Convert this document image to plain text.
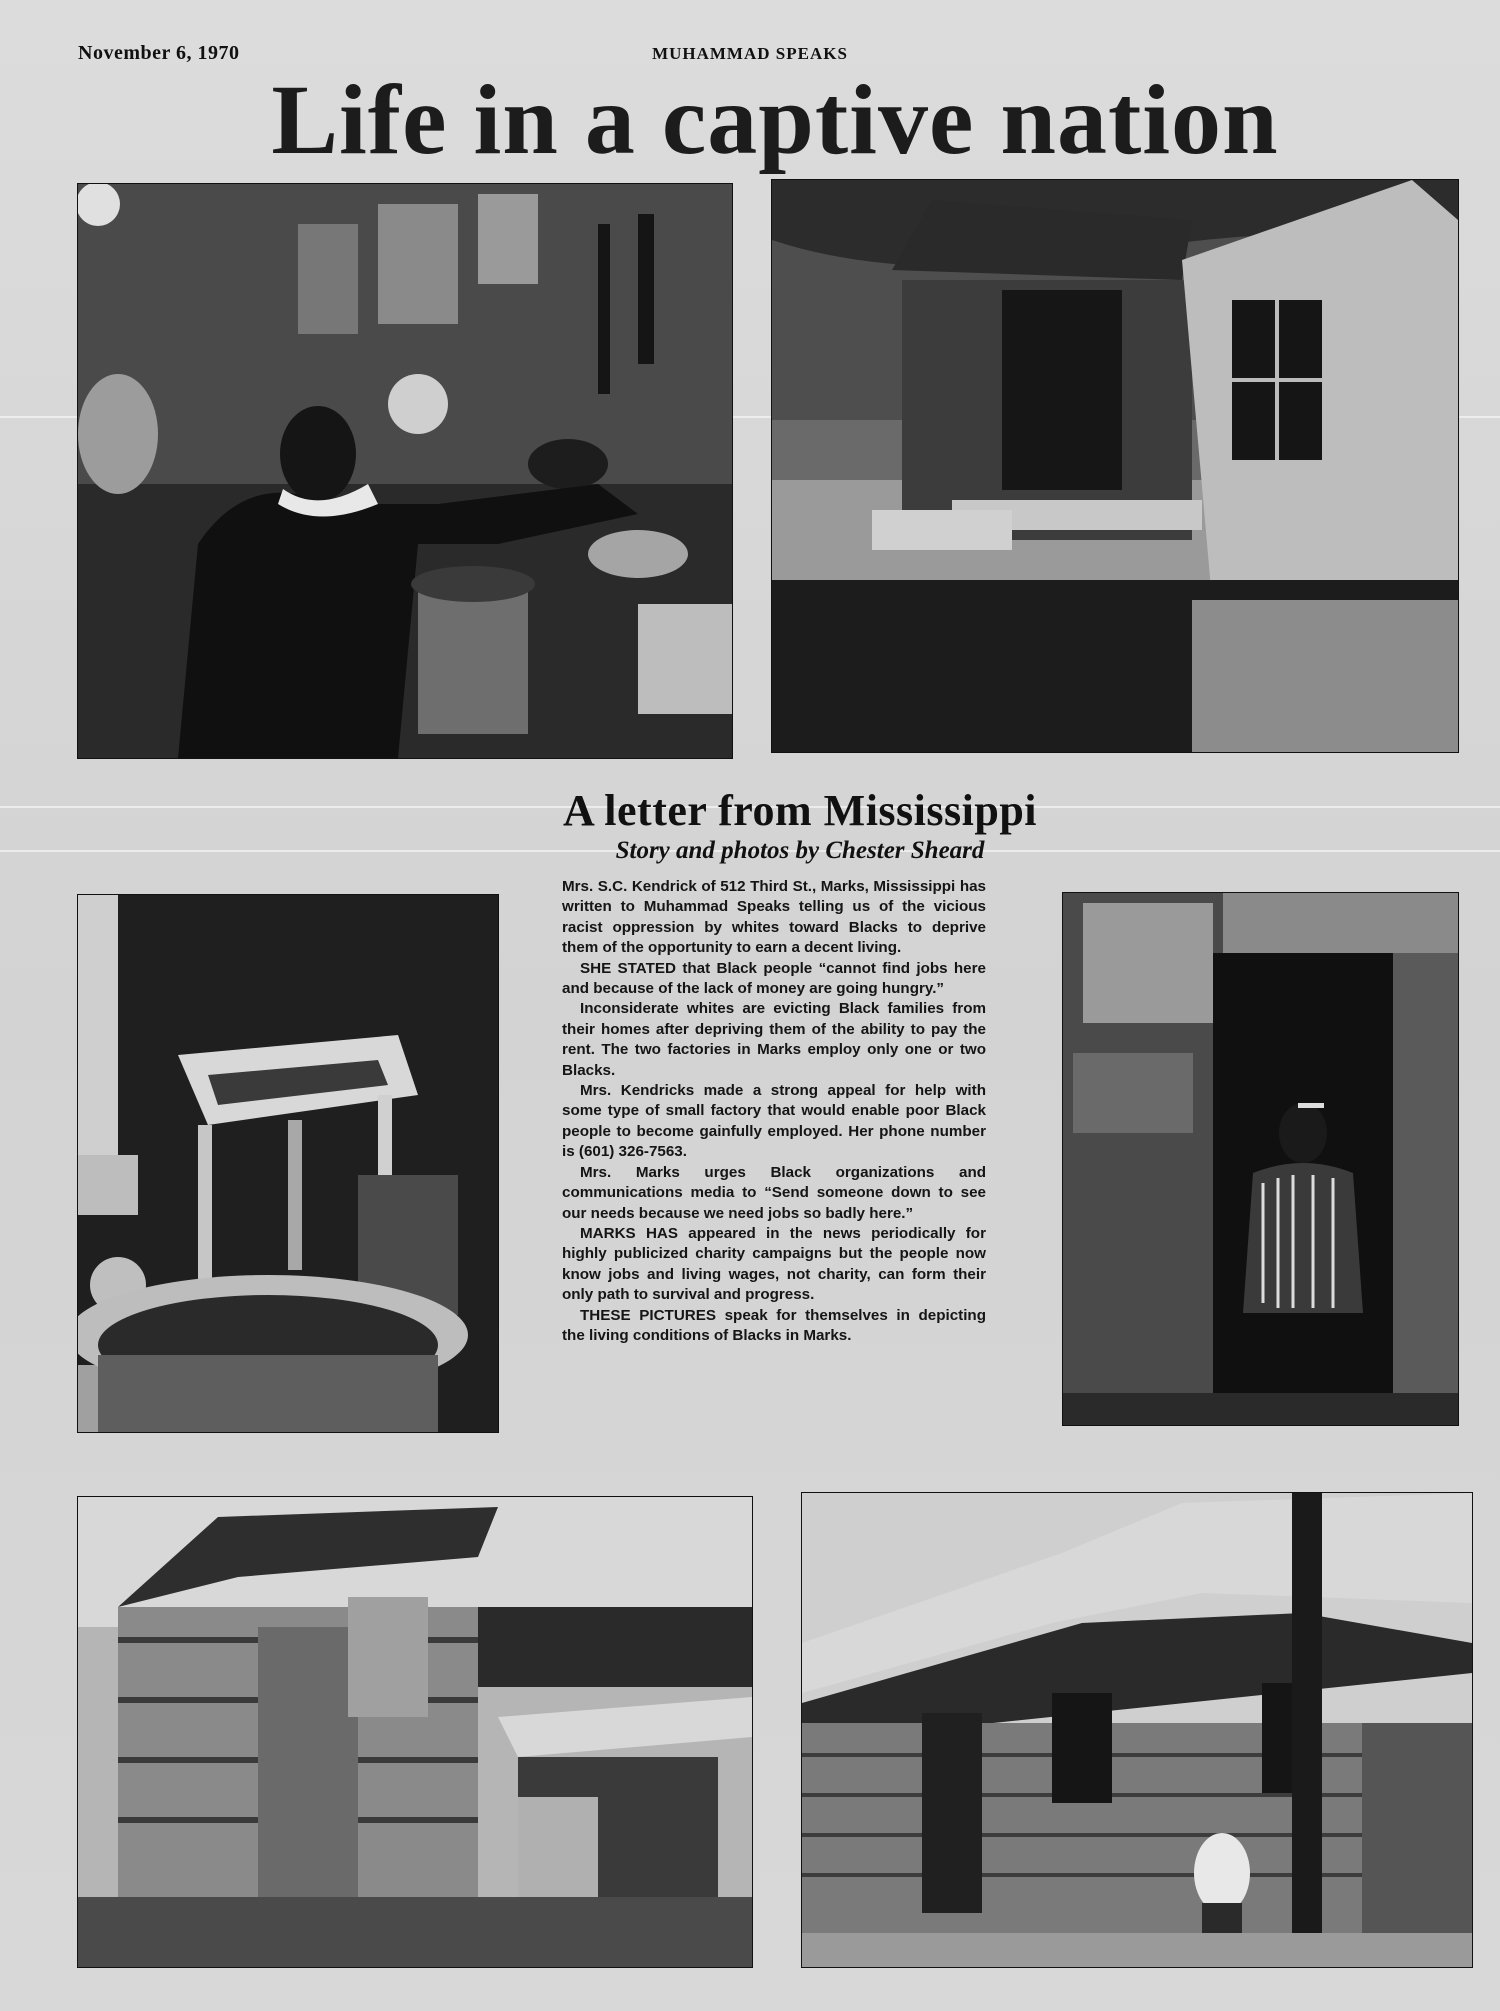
November 6, 1970	MUHAMMAD SPEAKS
Life in a captive nation
A letter from Mississippi
Story and photos by Chester Sheard

Mrs. S.C. Kendrick of 512 Third St., Marks, Mississippi has written to Muhammad Speaks telling us of the vicious racist oppression by whites toward Blacks to deprive them of the opportunity to earn a decent living.

SHE STATED that Black people “cannot find jobs here and because of the lack of money are going hungry.”

Inconsiderate whites are evicting Black families from their homes after depriving them of the ability to pay the rent. The two factories in Marks employ only one or two Blacks.

Mrs. Kendricks made a strong appeal for help with some type of small factory that would enable poor Black people to become gainfully employed. Her phone number is (601) 326-7563.

Mrs. Marks urges Black organizations and communications media to “Send someone down to see our needs because we need jobs so badly here.”

MARKS HAS appeared in the news periodically for highly publicized charity campaigns but the people now know jobs and living wages, not charity, can form their only path to survival and progress.

THESE PICTURES speak for themselves in depicting the living conditions of Blacks in Marks.
